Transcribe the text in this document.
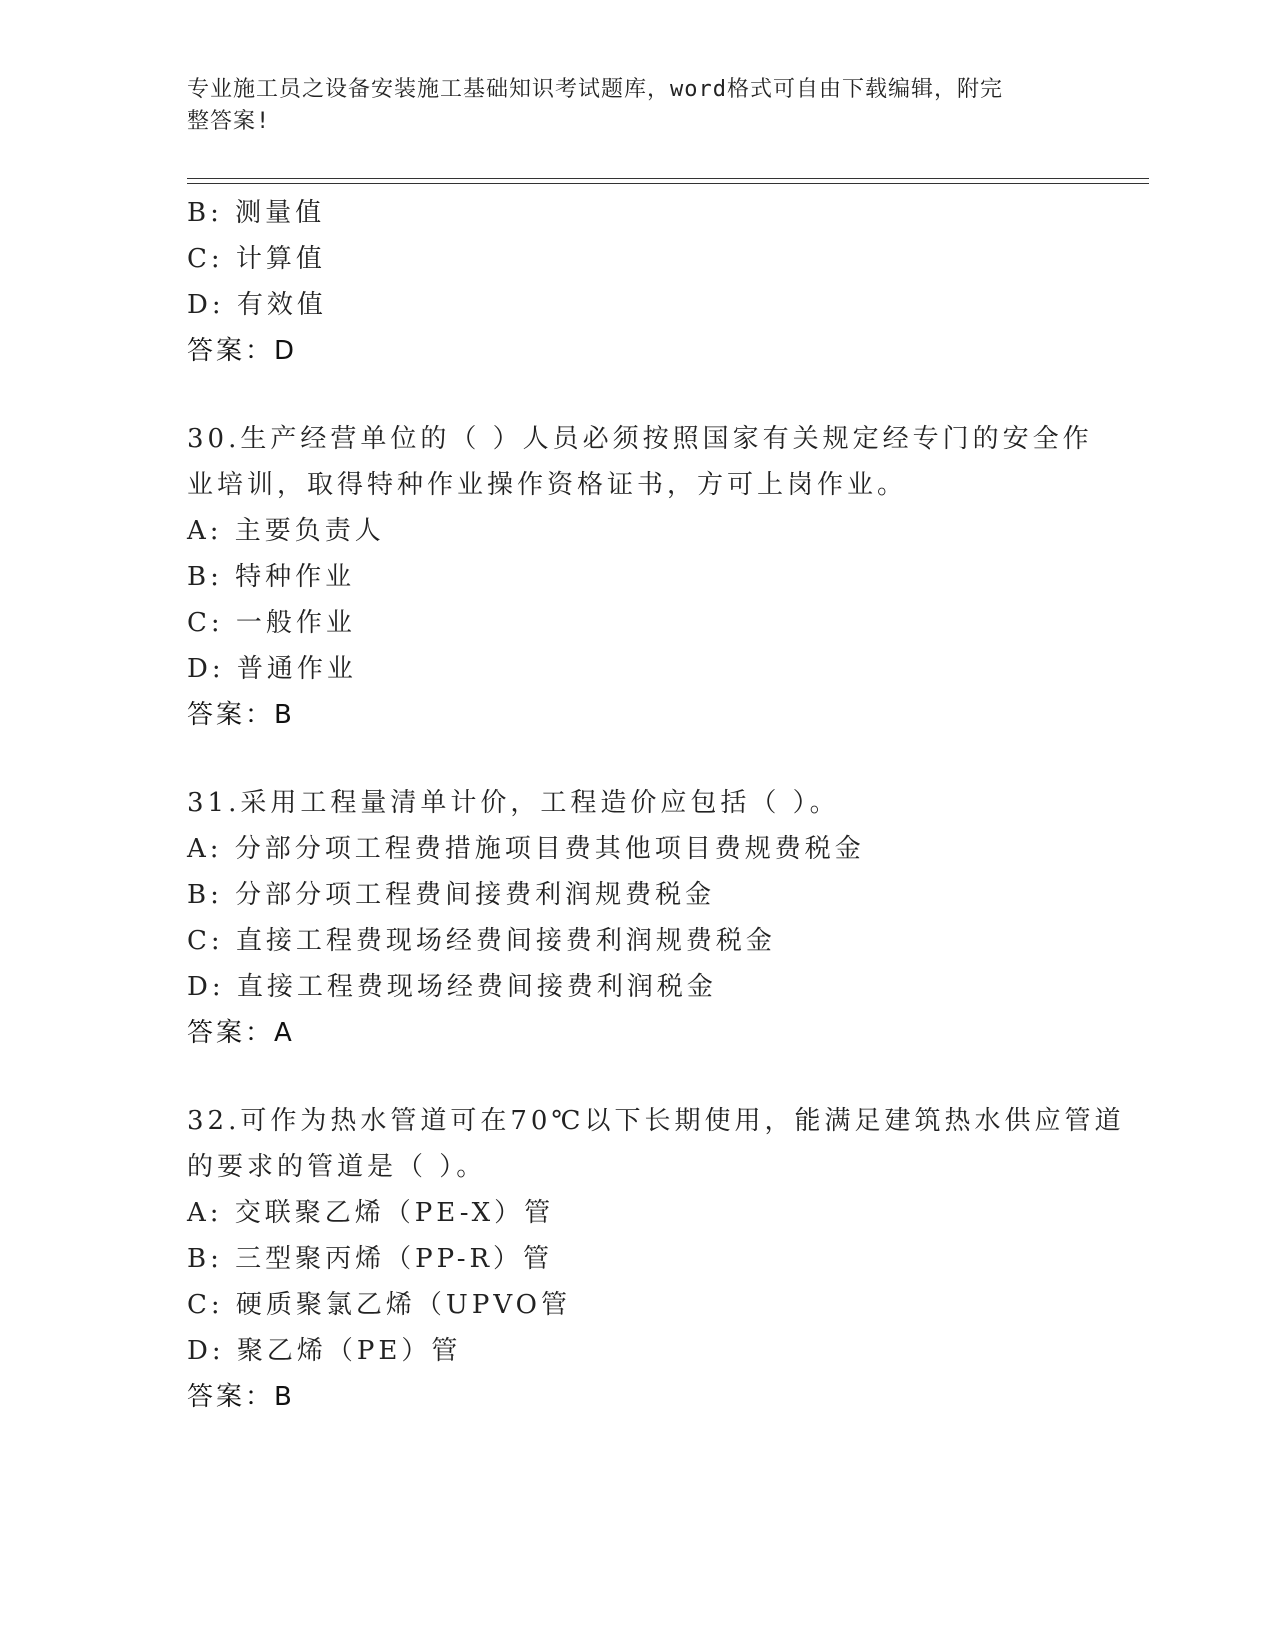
专业施工员之设备安装施工基础知识考试题库，word格式可自由下载编辑，附完
整答案!
B: 测量值
C: 计算值
D: 有效值
答案：D
30.生产经营单位的（ ）人员必须按照国家有关规定经专门的安全作
业培训，取得特种作业操作资格证书，方可上岗作业。
A: 主要负责人
B: 特种作业
C: 一般作业
D: 普通作业
答案：B
31.采用工程量清单计价，工程造价应包括（ ）。
A: 分部分项工程费措施项目费其他项目费规费税金
B: 分部分项工程费间接费利润规费税金
C: 直接工程费现场经费间接费利润规费税金
D: 直接工程费现场经费间接费利润税金
答案：A
32.可作为热水管道可在70℃以下长期使用，能满足建筑热水供应管道
的要求的管道是（ ）。
A: 交联聚乙烯（PE-X）管
B: 三型聚丙烯（PP-R）管
C: 硬质聚氯乙烯（UPVO管
D: 聚乙烯（PE）管
答案：B
